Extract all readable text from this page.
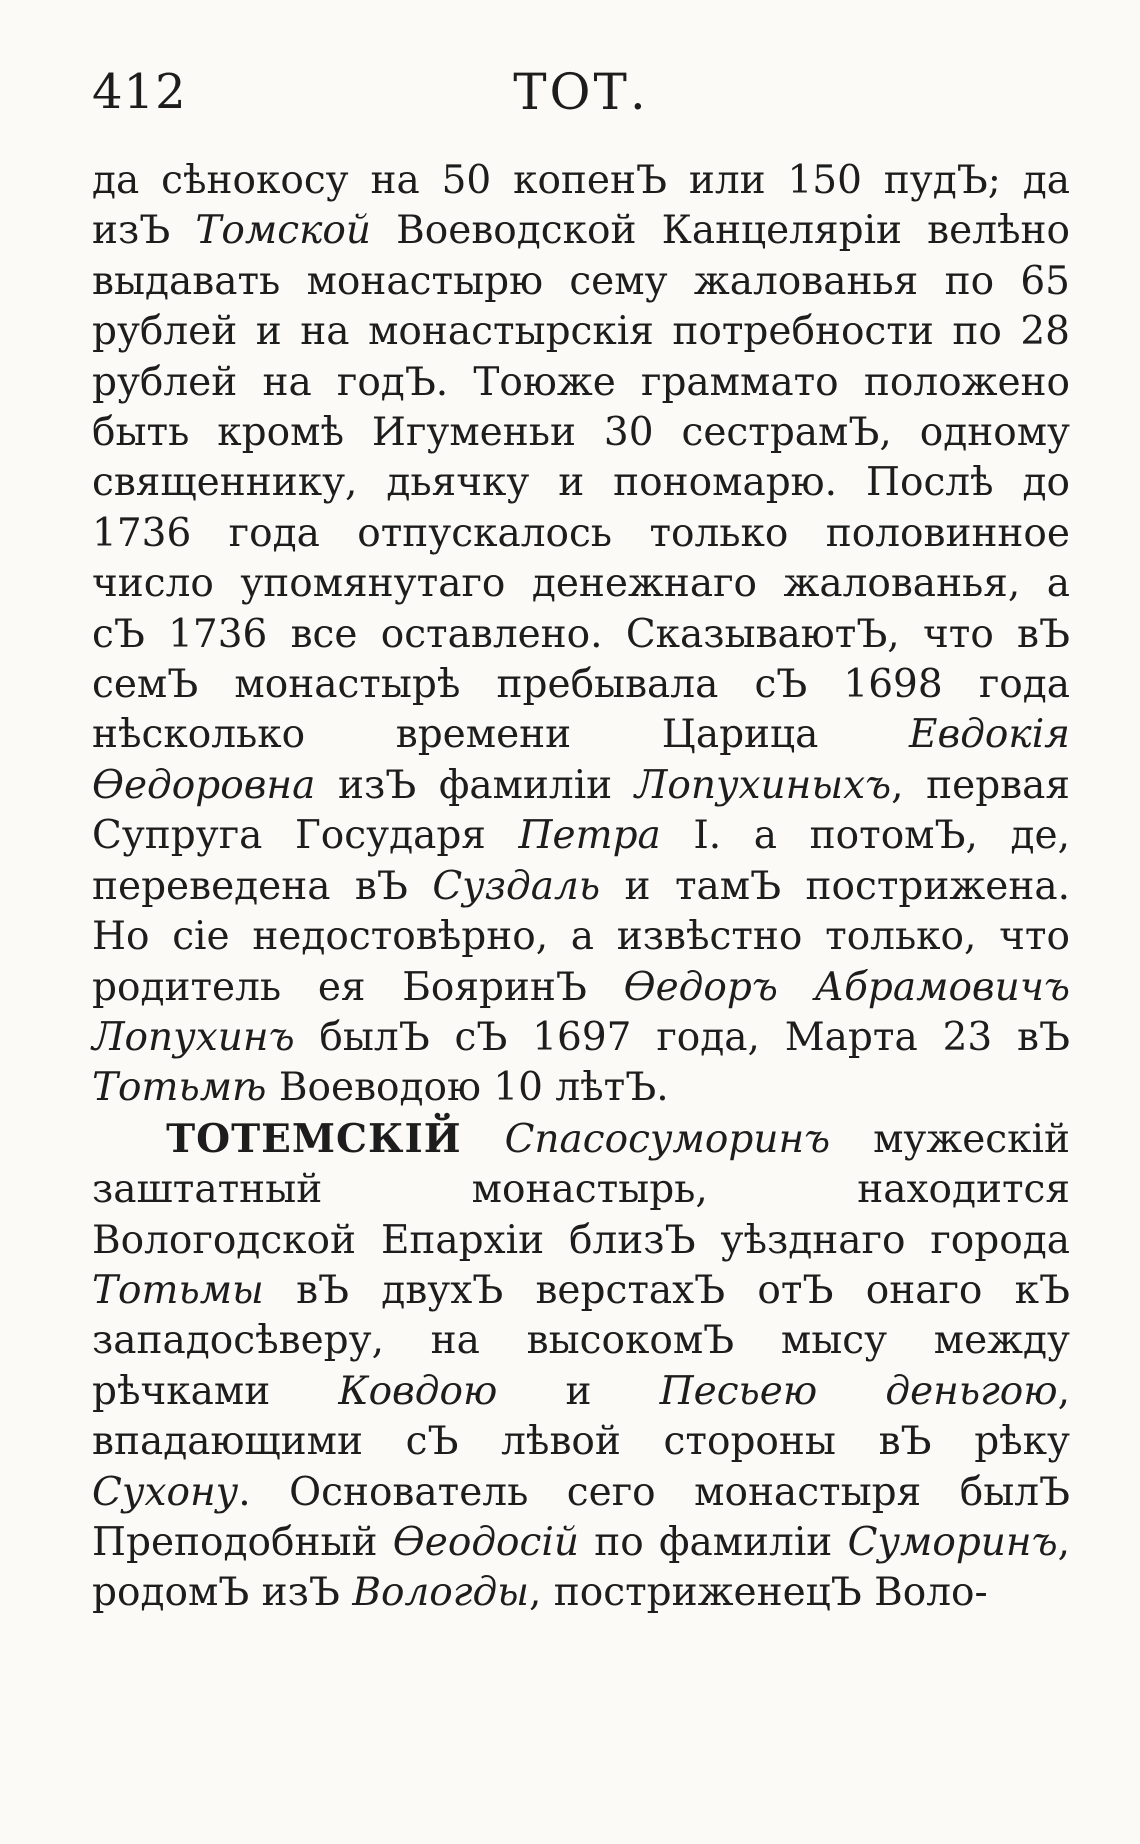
412	ТОТ.

да сѣнокосу на 50 копенЪ или 150 пудЪ; да изЪ Томской Воеводской Канцеляріи велѣно выдавать монастырю сему жалованья по 65 рублей и на монастырскія потребности по 28 рублей на годЪ. Тоюже граммато положено быть кромѣ Игуменьи 30 сестрамЪ, одному священнику, дьячку и пономарю. Послѣ до 1736 года отпускалось только половинное число упомянутаго денежнаго жалованья, а сЪ 1736 все оставлено. СказываютЪ, что вЪ семЪ монастырѣ пребывала сЪ 1698 года нѣсколько времени Царица Евдокія Ѳедоровна изЪ фамиліи Лопухиныхъ, первая Супруга Государя Петра I. а потомЪ, де, переведена вЪ Суздаль и тамЪ пострижена. Но сіе недостовѣрно, а извѣстно только, что родитель ея БояринЪ Ѳедоръ Абрамовичъ Лопухинъ былЪ сЪ 1697 года, Марта 23 вЪ Тотьмѣ Воеводою 10 лѣтЪ.

ТОТЕМСКІЙ Спасосуморинъ мужескій заштатный монастырь, находится Вологодской Епархіи близЪ уѣзднаго города Тотьмы вЪ двухЪ верстахЪ отЪ онаго кЪ западосѣверу, на высокомЪ мысу между рѣчками Ковдою и Песьею деньгою, впадающими сЪ лѣвой стороны вЪ рѣку Сухону. Основатель сего монастыря былЪ Преподобный Ѳеодосій по фамиліи Суморинъ, родомЪ изЪ Вологды, постриженецЪ Воло-
